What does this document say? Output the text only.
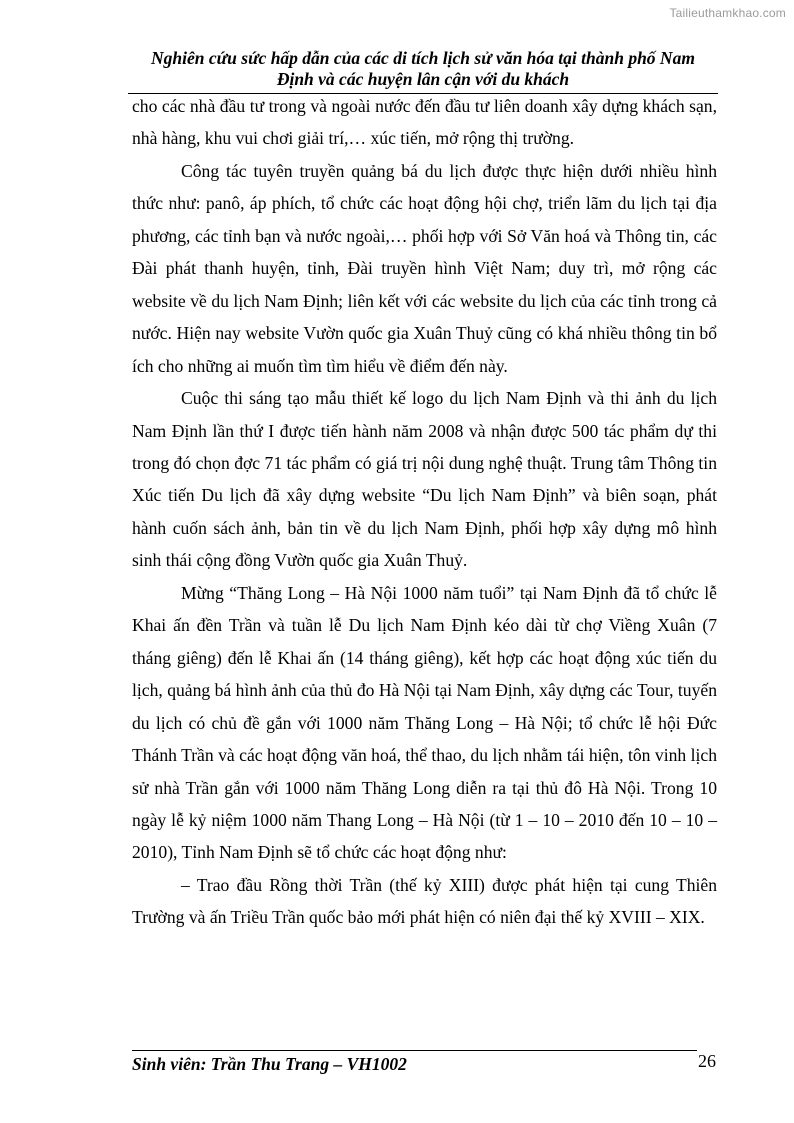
Tailieuthamkhao.com
Nghiên cứu sức hấp dẫn của các di tích lịch sử văn hóa tại thành phố Nam
Định và các huyện lân cận với du khách

cho các nhà đầu tư trong và ngoài nước đến đầu tư liên doanh xây dựng khách sạn, nhà hàng, khu vui chơi giải trí,… xúc tiến, mở rộng thị trường.

Công tác tuyên truyền quảng bá du lịch được thực hiện dưới nhiều hình thức như: panô, áp phích, tổ chức các hoạt động hội chợ, triển lãm du lịch tại địa phương, các tỉnh bạn và nước ngoài,… phối hợp với Sở Văn hoá và Thông tin, các Đài phát thanh huyện, tỉnh, Đài truyền hình Việt Nam; duy trì, mở rộng các website về du lịch Nam Định; liên kết với các website du lịch của các tỉnh trong cả nước. Hiện nay website Vườn quốc gia Xuân Thuỷ cũng có khá nhiều thông tin bổ ích cho những ai muốn tìm tìm hiểu về điểm đến này.

Cuộc thi sáng tạo mẫu thiết kế logo du lịch Nam Định và thi ảnh du lịch Nam Định lần thứ I được tiến hành năm 2008 và nhận được 500 tác phẩm dự thi trong đó chọn đợc 71 tác phẩm có giá trị nội dung nghệ thuật. Trung tâm Thông tin Xúc tiến Du lịch đã xây dựng website “Du lịch Nam Định” và biên soạn, phát hành cuốn sách ảnh, bản tin về du lịch Nam Định, phối hợp xây dựng mô hình sinh thái cộng đồng Vườn quốc gia Xuân Thuỷ.

Mừng “Thăng Long – Hà Nội 1000 năm tuổi” tại Nam Định đã tổ chức lễ Khai ấn đền Trần và tuần lễ Du lịch Nam Định kéo dài từ chợ Viềng Xuân (7 tháng giêng) đến lễ Khai ấn (14 tháng giêng), kết hợp các hoạt động xúc tiến du lịch, quảng bá hình ảnh của thủ đo Hà Nội tại Nam Định, xây dựng các Tour, tuyến du lịch có chủ đề gắn với 1000 năm Thăng Long – Hà Nội; tổ chức lễ hội Đức Thánh Trần và các hoạt động văn hoá, thể thao, du lịch nhằm tái hiện, tôn vinh lịch sử nhà Trần gắn với 1000 năm Thăng Long diễn ra tại thủ đô Hà Nội. Trong 10 ngày lễ kỷ niệm 1000 năm Thang Long – Hà Nội (từ 1 – 10 – 2010 đến 10 – 10 – 2010), Tỉnh Nam Định sẽ tổ chức các hoạt động như:

– Trao đầu Rồng thời Trần (thế kỷ XIII) được phát hiện tại cung Thiên Trường và ấn Triều Trần quốc bảo mới phát hiện có niên đại thế kỷ XVIII – XIX.

Sinh viên: Trần Thu Trang – VH1002	26
